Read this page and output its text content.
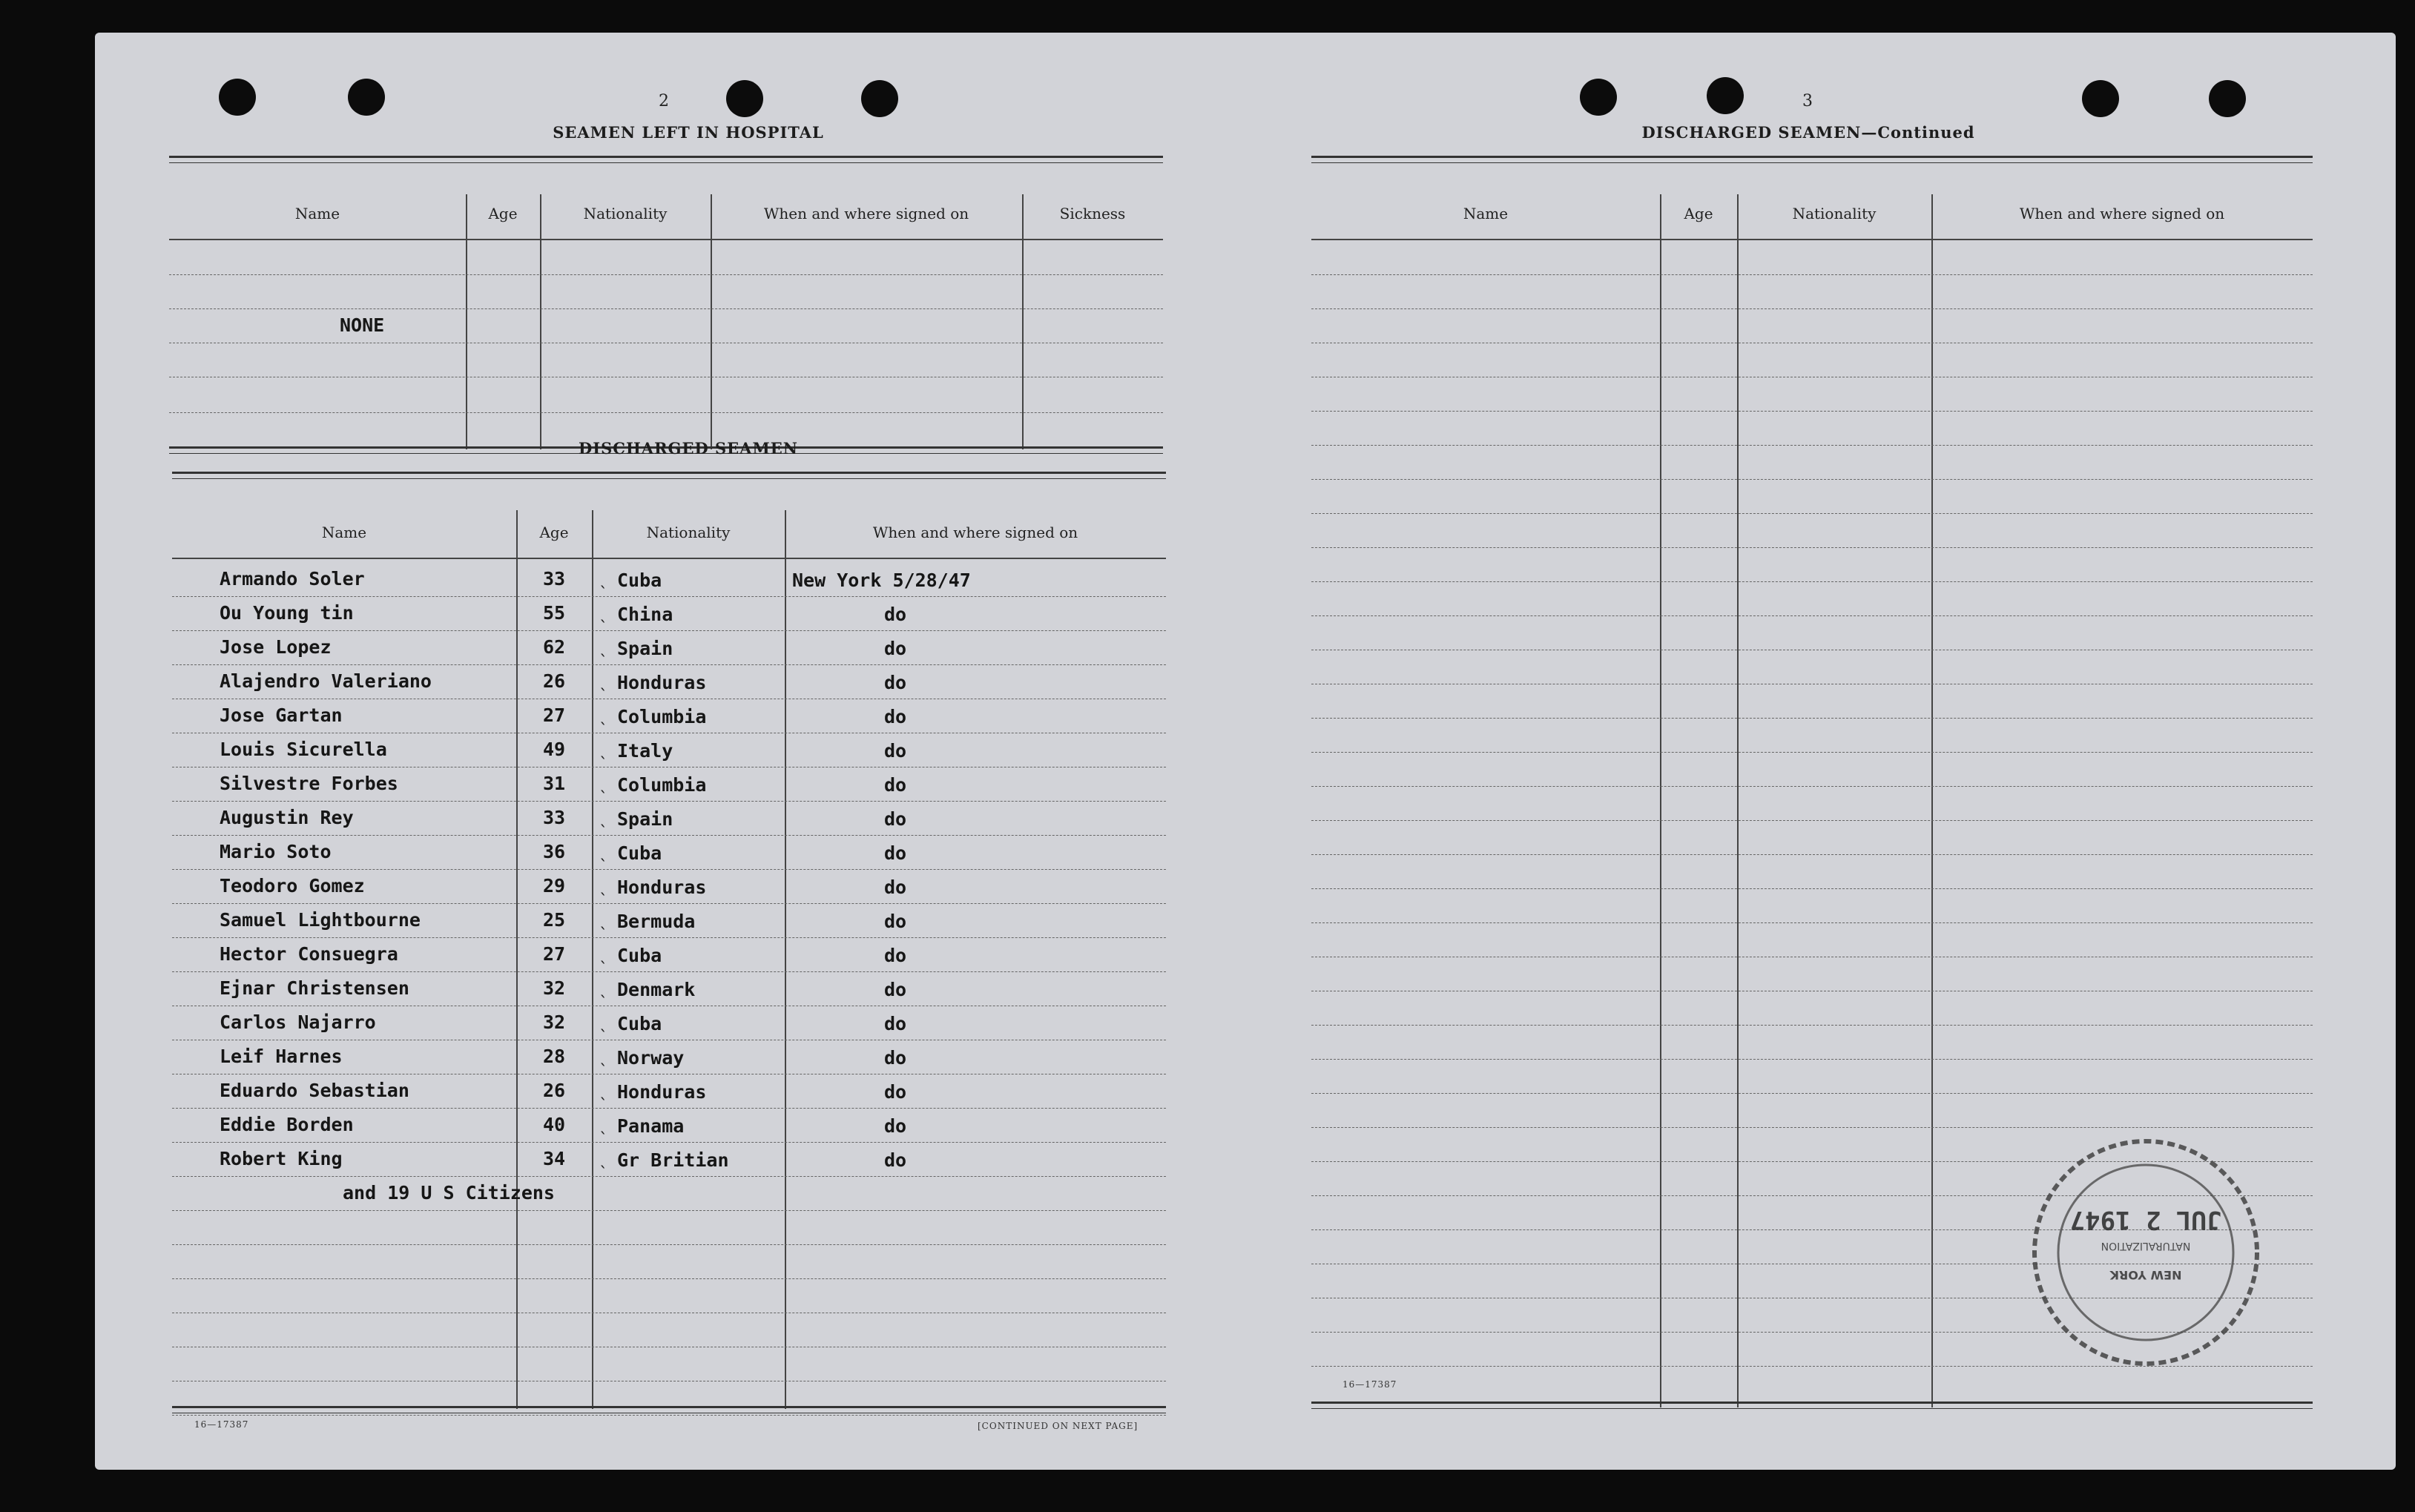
2
SEAMEN LEFT IN HOSPITAL
Name	Age	Nationality	When and where signed on	Sickness
NONE
DISCHARGED SEAMEN
Name	Age	Nationality	When and where signed on
Armando Soler	33 ˎ Cuba	New York 5/28/47
Ou Young tin	55 ˎ China	do
Jose Lopez	62 ˎ Spain	do
Alajendro Valeriano	26 ˎ Honduras	do
Jose Gartan	27 ˎ Columbia	do
Louis Sicurella	49 ˎ Italy	do
Silvestre Forbes	31 ˎ Columbia	do
Augustin Rey	33 ˎ Spain	do
Mario Soto	36 ˎ Cuba	do
Teodoro Gomez	29 ˎ Honduras	do
Samuel Lightbourne	25 ˎ Bermuda	do
Hector Consuegra	27 ˎ Cuba	do
Ejnar Christensen	32 ˎ Denmark	do
Carlos Najarro	32 ˎ Cuba	do
Leif Harnes	28 ˎ Norway	do
Eduardo Sebastian	26 ˎ Honduras	do
Eddie Borden	40 ˎ Panama	do
Robert King	34 ˎ Gr Britian	do
and 19 U S Citizens
16—17387	[CONTINUED ON NEXT PAGE]
3
DISCHARGED SEAMEN—Continued
Name	Age	Nationality	When and where signed on
16—17387
NEW YORK
NATURALIZATION
JUL 2 1947
